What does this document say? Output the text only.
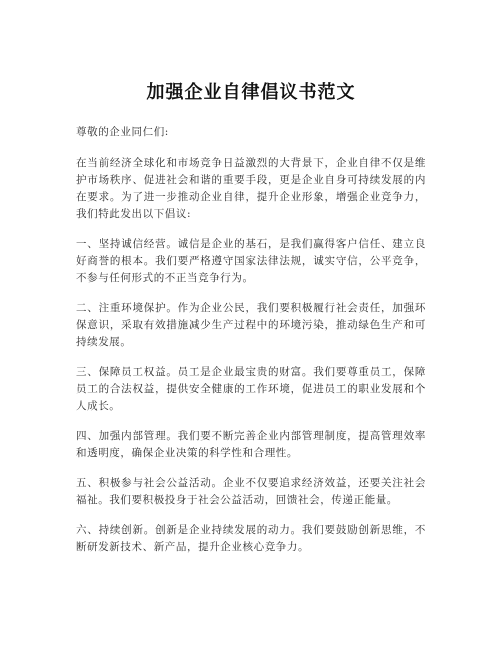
加强企业自律倡议书范文

尊敬的企业同仁们:

在当前经济全球化和市场竞争日益激烈的大背景下，企业自律不仅是维护市场秩序、促进社会和谐的重要手段，更是企业自身可持续发展的内在要求。为了进一步推动企业自律，提升企业形象，增强企业竞争力，我们特此发出以下倡议:

一、坚持诚信经营。诚信是企业的基石，是我们赢得客户信任、建立良好商誉的根本。我们要严格遵守国家法律法规，诚实守信，公平竞争，不参与任何形式的不正当竞争行为。

二、注重环境保护。作为企业公民，我们要积极履行社会责任，加强环保意识，采取有效措施减少生产过程中的环境污染，推动绿色生产和可持续发展。

三、保障员工权益。员工是企业最宝贵的财富。我们要尊重员工，保障员工的合法权益，提供安全健康的工作环境，促进员工的职业发展和个人成长。

四、加强内部管理。我们要不断完善企业内部管理制度，提高管理效率和透明度，确保企业决策的科学性和合理性。

五、积极参与社会公益活动。企业不仅要追求经济效益，还要关注社会福祉。我们要积极投身于社会公益活动，回馈社会，传递正能量。

六、持续创新。创新是企业持续发展的动力。我们要鼓励创新思维，不断研发新技术、新产品，提升企业核心竞争力。
